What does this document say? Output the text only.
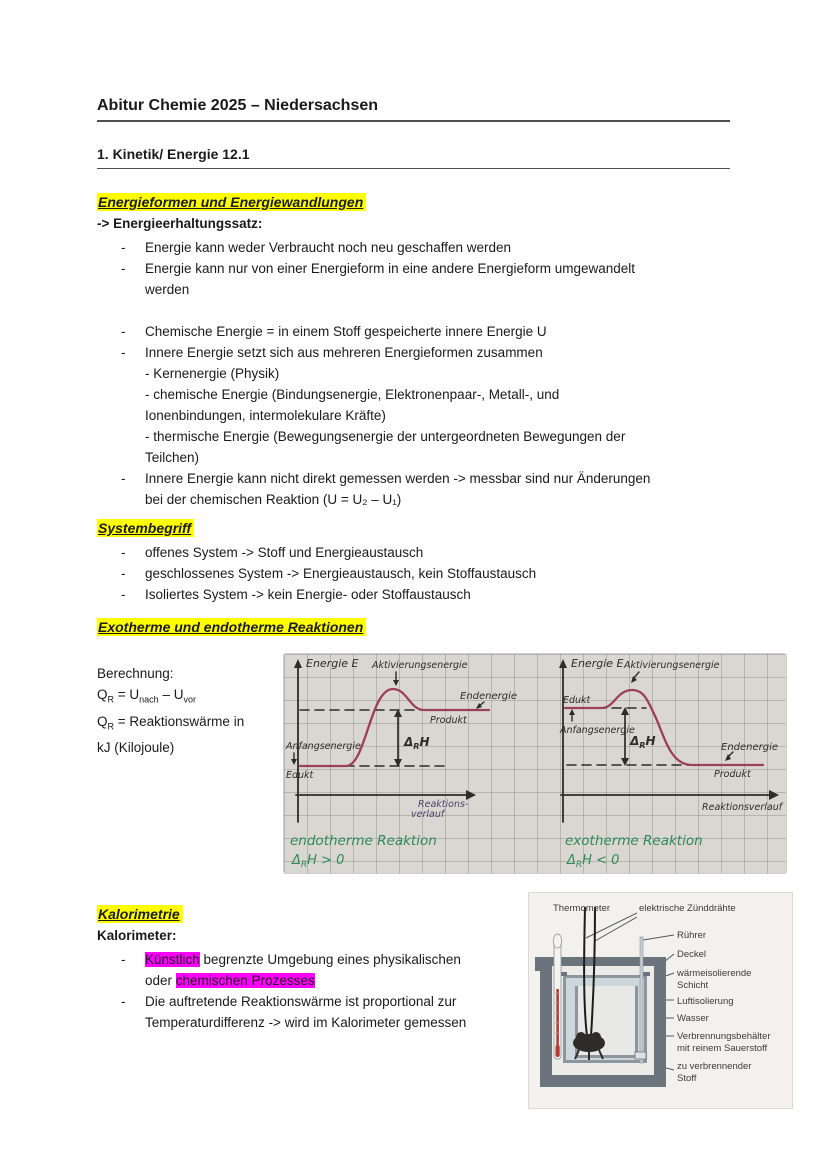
Abitur Chemie 2025 – Niedersachsen
1. Kinetik/ Energie 12.1
Energieformen und Energiewandlungen
-> Energieerhaltungssatz:
-	Energie kann weder Verbraucht noch neu geschaffen werden
-	Energie kann nur von einer Energieform in eine andere Energieform umgewandelt
werden
-	Chemische Energie = in einem Stoff gespeicherte innere Energie U
-	Innere Energie setzt sich aus mehreren Energieformen zusammen
- Kernenergie (Physik)
- chemische Energie (Bindungsenergie, Elektronenpaar-, Metall-, und
Ionenbindungen, intermolekulare Kräfte)
- thermische Energie (Bewegungsenergie der untergeordneten Bewegungen der
Teilchen)
-	Innere Energie kann nicht direkt gemessen werden -> messbar sind nur Änderungen
bei der chemischen Reaktion (U = U₂ – U₁)
Systembegriff
-	offenes System -> Stoff und Energieaustausch
-	geschlossenes System -> Energieaustausch, kein Stoffaustausch
-	Isoliertes System -> kein Energie- oder Stoffaustausch
Exotherme und endotherme Reaktionen
Berechnung:
$Q_R = U_{nach} - U_{vor}$
$Q_R$ = Reaktionswärme in
kJ (Kilojoule)
Energie E Aktivierungsenergie
Endenergie
Produkt
$\Delta_RH$
Anfangsenergie
Edukt
Reaktions-
verlauf
endotherme Reaktion
$\Delta_RH > 0$
Energie E Aktivierungsenergie
Edukt
Anfangsenergie
$\Delta_RH$	Endenergie
Produkt
Reaktionsverlauf
exotherme Reaktion
$\Delta_RH < 0$
Kalorimetrie
Kalorimeter:
-	Künstlich begrenzte Umgebung eines physikalischen
oder chemischen Prozesses
-	Die auftretende Reaktionswärme ist proportional zur
Temperaturdifferenz -> wird im Kalorimeter gemessen
Thermometer	elektrische Zünddrähte
Rührer
Deckel
wärmeisolierende
Schicht
Luftisolierung
Wasser
Verbrennungsbehälter
mit reinem Sauerstoff
zu verbrennender
Stoff
